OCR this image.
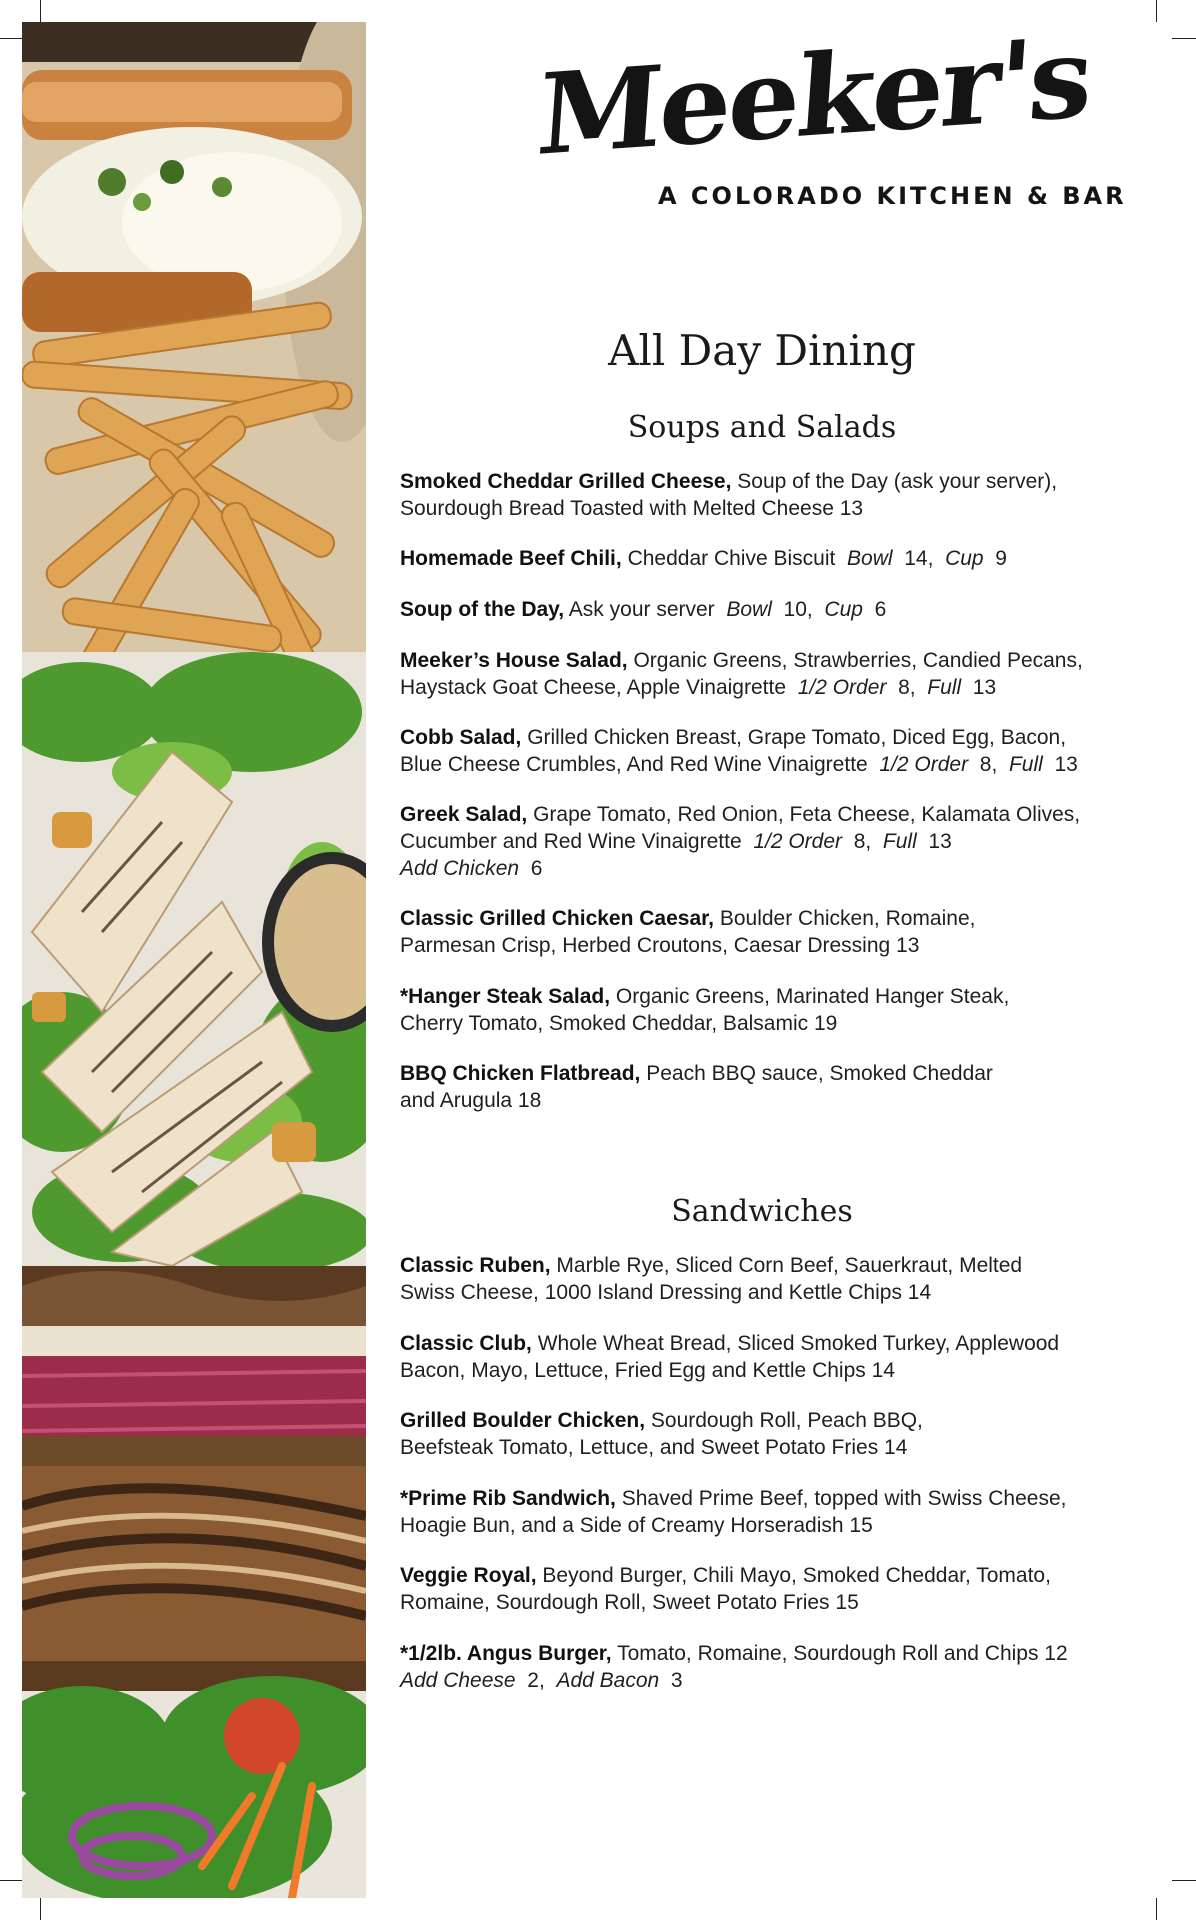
Meeker's
A COLORADO KITCHEN & BAR
All Day Dining
Soups and Salads
Smoked Cheddar Grilled Cheese, Soup of the Day (ask your server),
Sourdough Bread Toasted with Melted Cheese 13
Homemade Beef Chili, Cheddar Chive Biscuit  Bowl  14,  Cup  9
Soup of the Day, Ask your server  Bowl  10,  Cup  6
Meeker’s House Salad, Organic Greens, Strawberries, Candied Pecans,
Haystack Goat Cheese, Apple Vinaigrette  1/2 Order  8,  Full  13
Cobb Salad, Grilled Chicken Breast, Grape Tomato, Diced Egg, Bacon,
Blue Cheese Crumbles, And Red Wine Vinaigrette  1/2 Order  8,  Full  13
Greek Salad, Grape Tomato, Red Onion, Feta Cheese, Kalamata Olives,
Cucumber and Red Wine Vinaigrette  1/2 Order  8,  Full  13
Add Chicken  6
Classic Grilled Chicken Caesar, Boulder Chicken, Romaine,
Parmesan Crisp, Herbed Croutons, Caesar Dressing 13
*Hanger Steak Salad, Organic Greens, Marinated Hanger Steak,
Cherry Tomato, Smoked Cheddar, Balsamic 19
BBQ Chicken Flatbread, Peach BBQ sauce, Smoked Cheddar
and Arugula 18
Sandwiches
Classic Ruben, Marble Rye, Sliced Corn Beef, Sauerkraut, Melted
Swiss Cheese, 1000 Island Dressing and Kettle Chips 14
Classic Club, Whole Wheat Bread, Sliced Smoked Turkey, Applewood
Bacon, Mayo, Lettuce, Fried Egg and Kettle Chips 14
Grilled Boulder Chicken, Sourdough Roll, Peach BBQ,
Beefsteak Tomato, Lettuce, and Sweet Potato Fries 14
*Prime Rib Sandwich, Shaved Prime Beef, topped with Swiss Cheese,
Hoagie Bun, and a Side of Creamy Horseradish 15
Veggie Royal, Beyond Burger, Chili Mayo, Smoked Cheddar, Tomato,
Romaine, Sourdough Roll, Sweet Potato Fries 15
*1/2lb. Angus Burger, Tomato, Romaine, Sourdough Roll and Chips 12
Add Cheese  2,  Add Bacon  3
